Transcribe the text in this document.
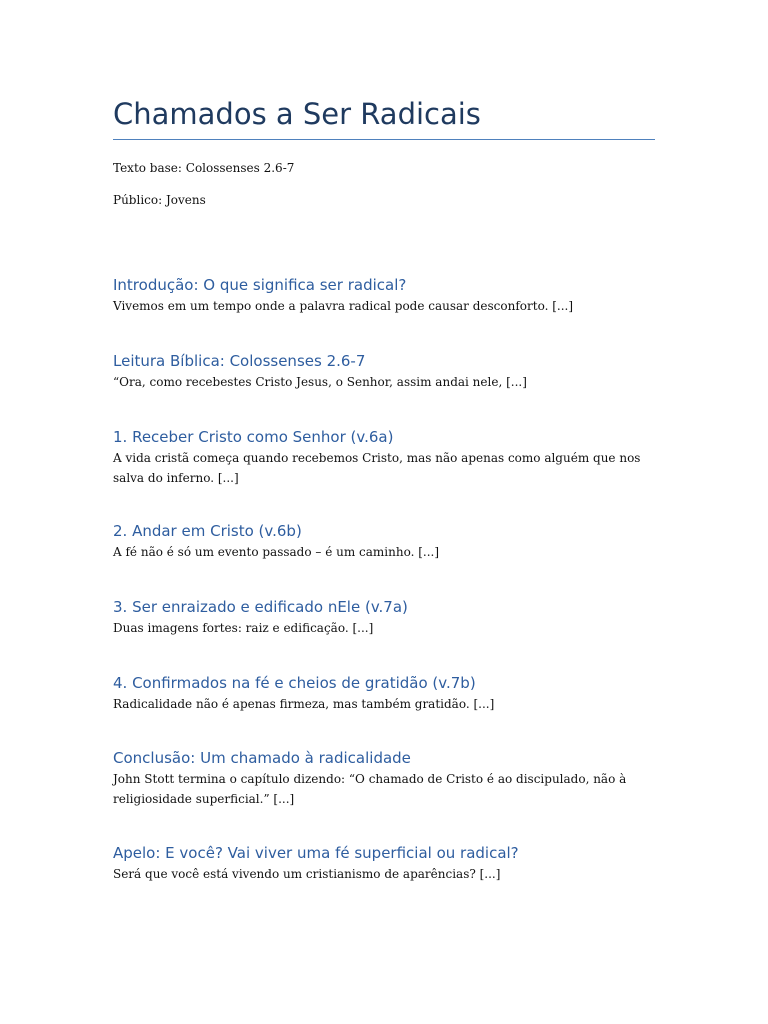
Chamados a Ser Radicais

Texto base: Colossenses 2.6-7

Público: Jovens

Introdução: O que significa ser radical?

Vivemos em um tempo onde a palavra radical pode causar desconforto. [...]

Leitura Bíblica: Colossenses 2.6-7

“Ora, como recebestes Cristo Jesus, o Senhor, assim andai nele, [...]

1. Receber Cristo como Senhor (v.6a)

A vida cristã começa quando recebemos Cristo, mas não apenas como alguém que nos salva do inferno. [...]

2. Andar em Cristo (v.6b)

A fé não é só um evento passado – é um caminho. [...]

3. Ser enraizado e edificado nEle (v.7a)

Duas imagens fortes: raiz e edificação. [...]

4. Confirmados na fé e cheios de gratidão (v.7b)

Radicalidade não é apenas firmeza, mas também gratidão. [...]

Conclusão: Um chamado à radicalidade

John Stott termina o capítulo dizendo: “O chamado de Cristo é ao discipulado, não à religiosidade superficial.” [...]

Apelo: E você? Vai viver uma fé superficial ou radical?

Será que você está vivendo um cristianismo de aparências? [...]
